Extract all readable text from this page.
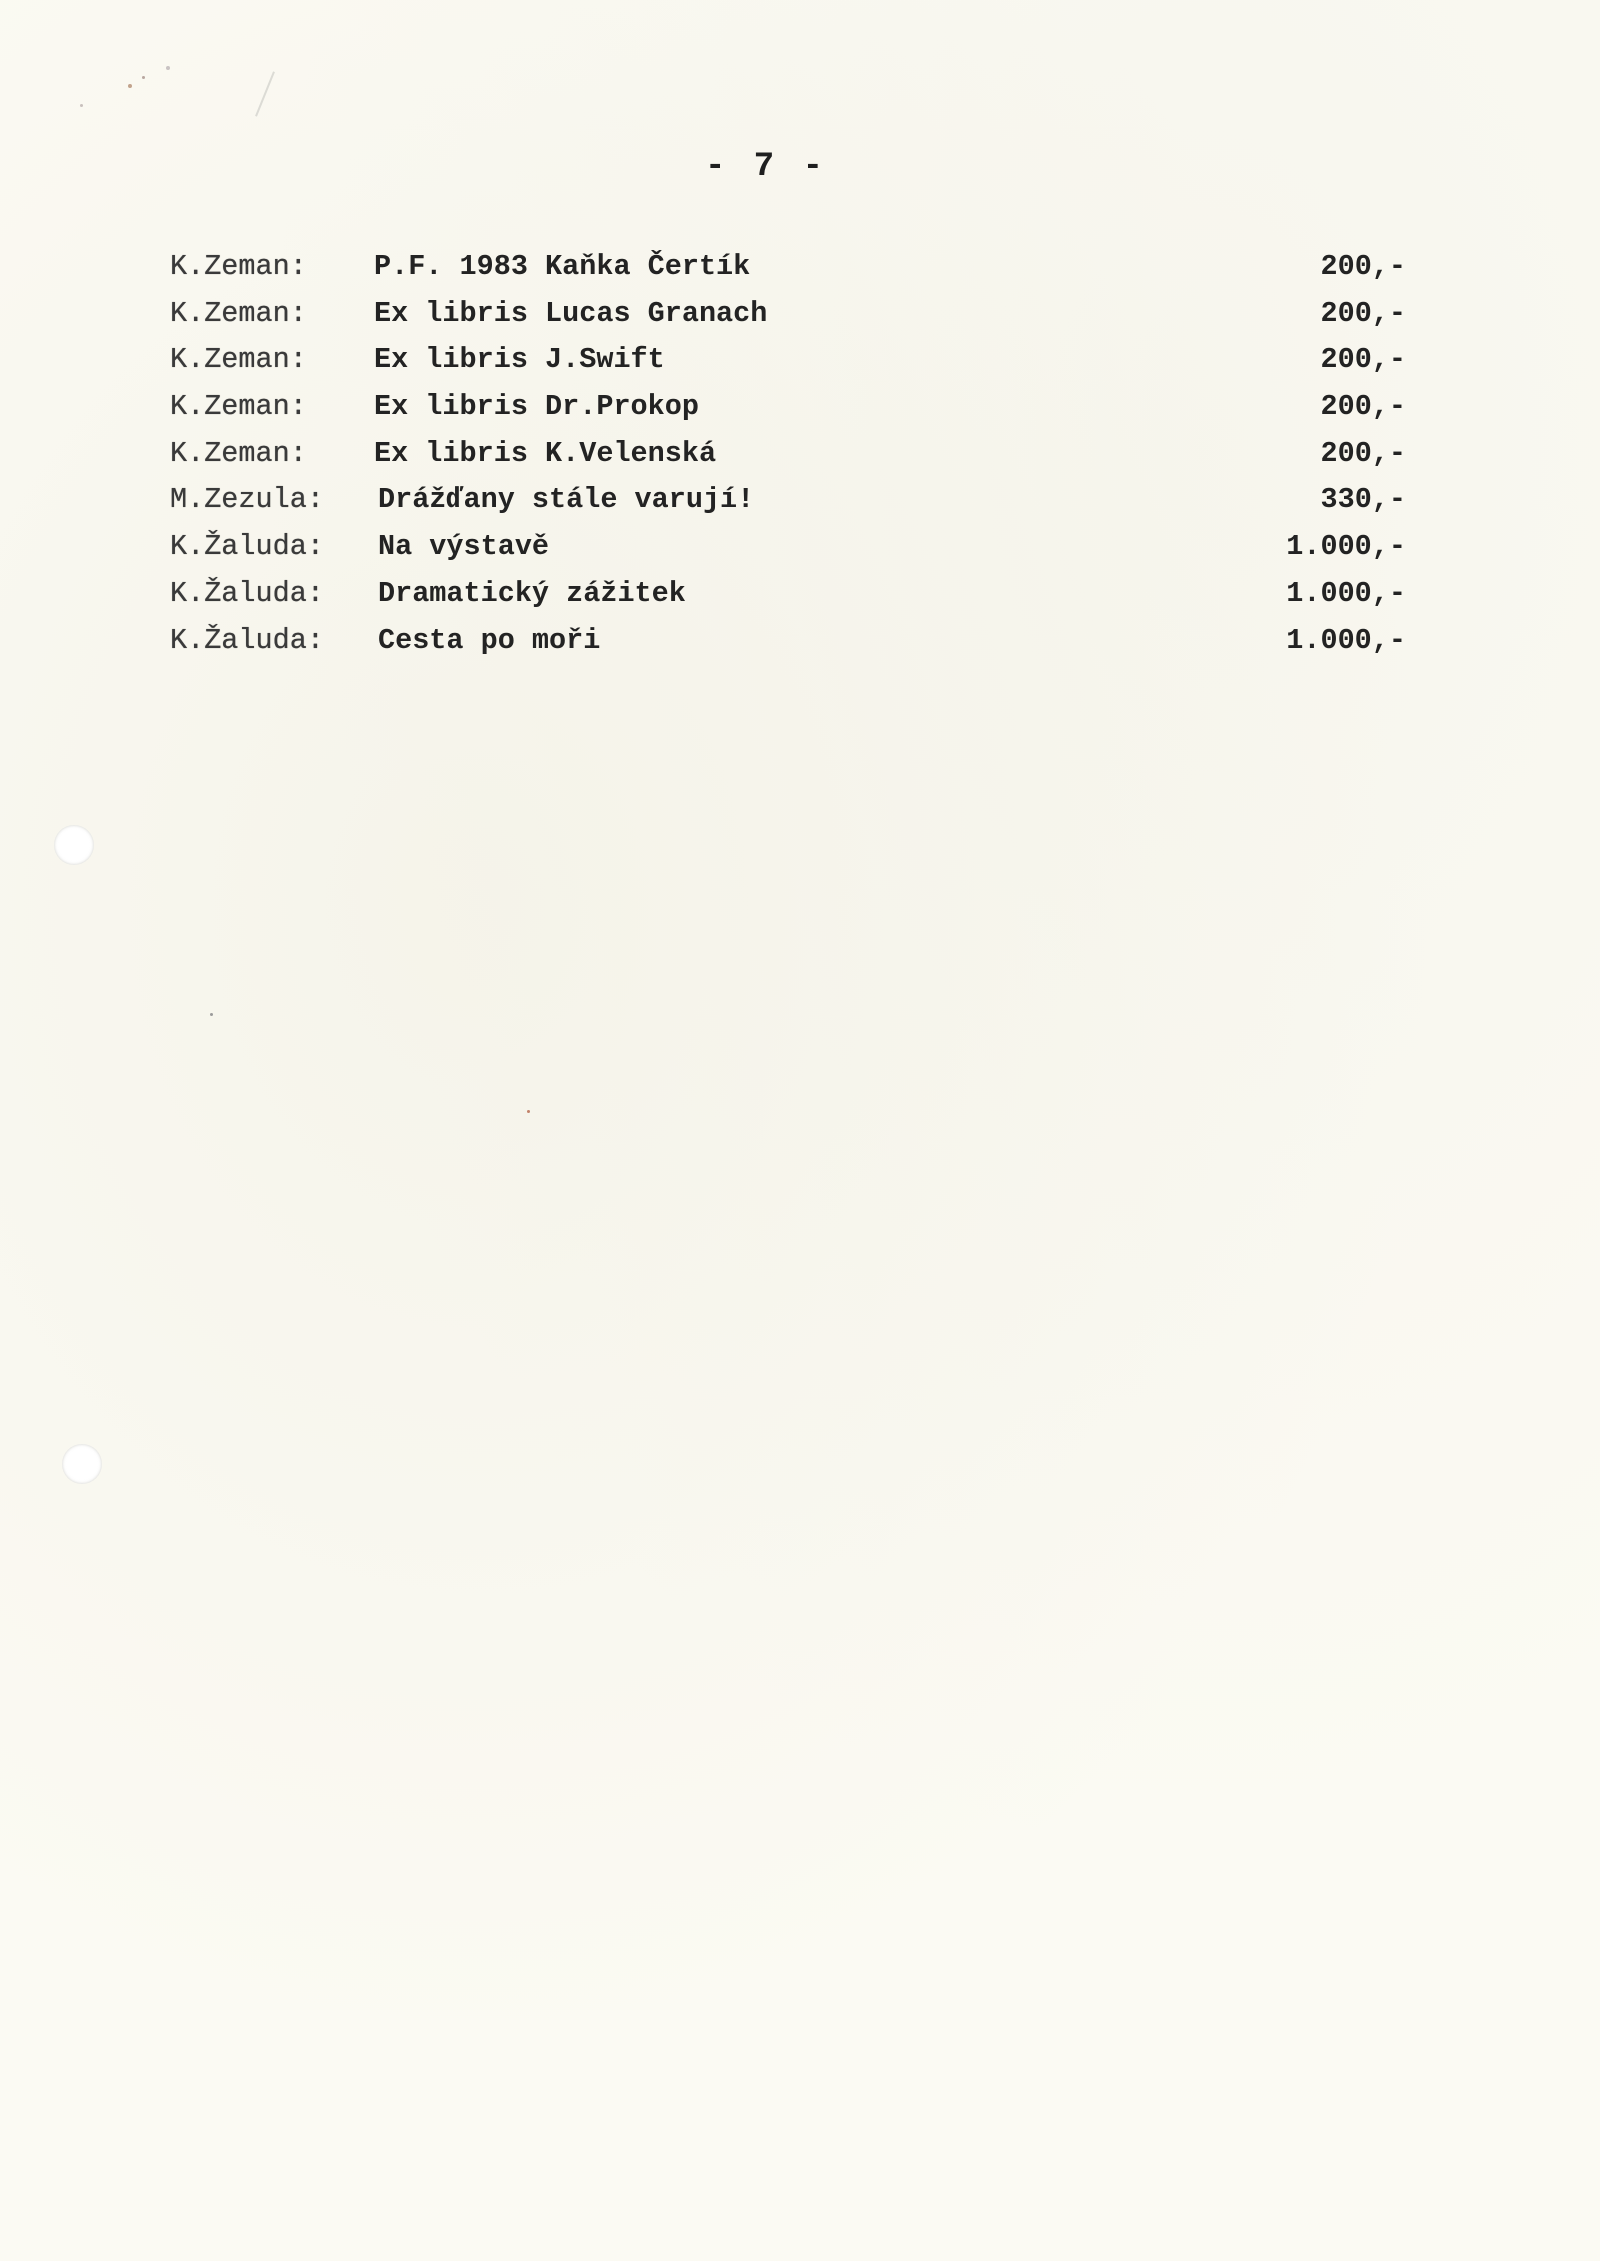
- 7 -
K.Zeman: P.F. 1983 Kaňka Čertík	200,-
K.Zeman: Ex libris Lucas Granach	200,-
K.Zeman: Ex libris J.Swift	200,-
K.Zeman: Ex libris Dr.Prokop	200,-
K.Zeman: Ex libris K.Velenská	200,-
M.Zezula: Drážďany stále varují!	330,-
K.Žaluda: Na výstavě	1.000,-
K.Žaluda: Dramatický zážitek	1.000,-
K.Žaluda: Cesta po moři	1.000,-
